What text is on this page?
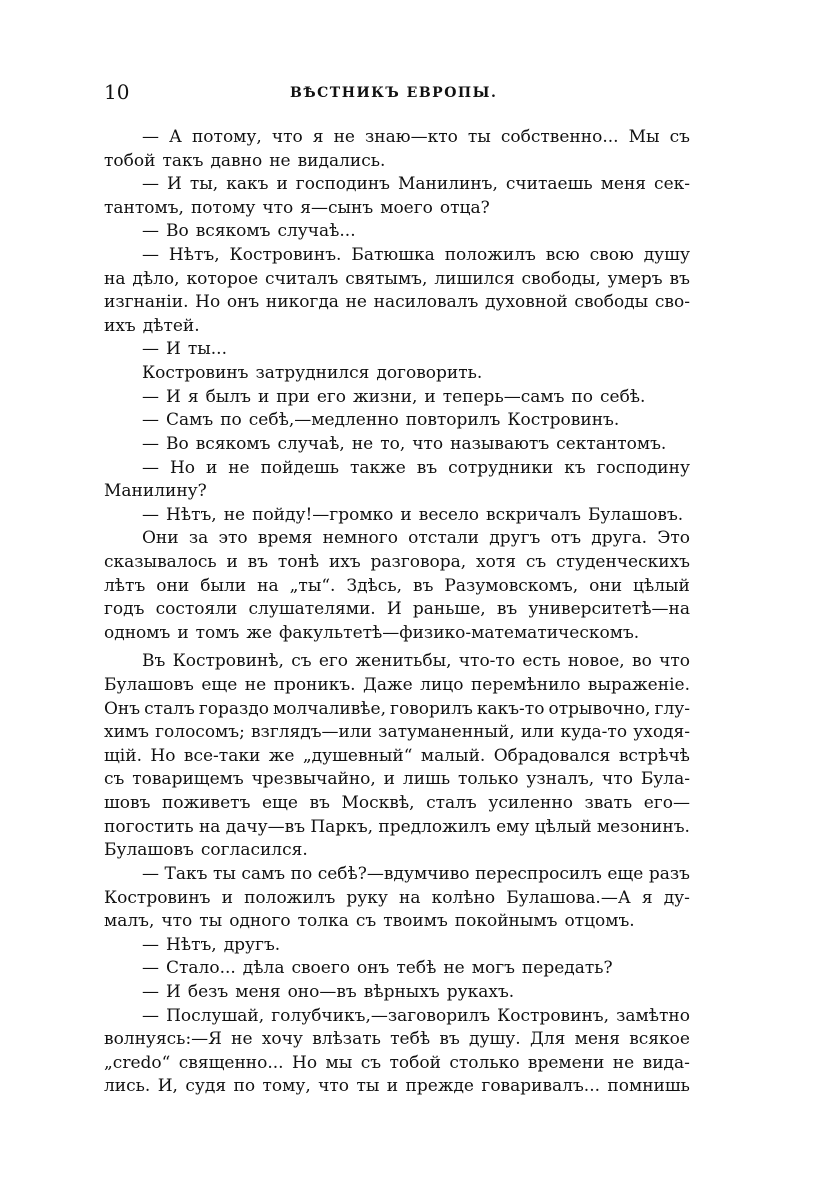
10	ВѢСТНИКЪ ЕВРОПЫ.
— А потому, что я не знаю—кто ты собственно... Мы съ
тобой такъ давно не видались.
— И ты, какъ и господинъ Манилинъ, считаешь меня сек-
тантомъ, потому что я—сынъ моего отца?
— Во всякомъ случаѣ...
— Нѣтъ, Костровинъ. Батюшка положилъ всю свою душу
на дѣло, которое считалъ святымъ, лишился свободы, умеръ въ
изгнаніи. Но онъ никогда не насиловалъ духовной свободы сво-
ихъ дѣтей.
— И ты...
Костровинъ затруднился договорить.
— И я былъ и при его жизни, и теперь—самъ по себѣ.
— Самъ по себѣ,—медленно повторилъ Костровинъ.
— Во всякомъ случаѣ, не то, что называютъ сектантомъ.
— Но и не пойдешь также въ сотрудники къ господину
Манилину?
— Нѣтъ, не пойду!—громко и весело вскричалъ Булашовъ.
Они за это время немного отстали другъ отъ друга. Это
сказывалось и въ тонѣ ихъ разговора, хотя съ студенческихъ
лѣтъ они были на „ты“. Здѣсь, въ Разумовскомъ, они цѣлый
годъ состояли слушателями. И раньше, въ университетѣ—на
одномъ и томъ же факультетѣ—физико-математическомъ.
Въ Костровинѣ, съ его женитьбы, что-то есть новое, во что
Булашовъ еще не проникъ. Даже лицо перемѣнило выраженіе.
Онъ сталъ гораздо молчаливѣе, говорилъ какъ-то отрывочно, глу-
химъ голосомъ; взглядъ—или затуманенный, или куда-то уходя-
щій. Но все-таки же „душевный“ малый. Обрадовался встрѣчѣ
съ товарищемъ чрезвычайно, и лишь только узналъ, что Була-
шовъ поживетъ еще въ Москвѣ, сталъ усиленно звать его—
погостить на дачу—въ Паркъ, предложилъ ему цѣлый мезонинъ.
Булашовъ согласился.
— Такъ ты самъ по себѣ?—вдумчиво переспросилъ еще разъ
Костровинъ и положилъ руку на колѣно Булашова.—А я ду-
малъ, что ты одного толка съ твоимъ покойнымъ отцомъ.
— Нѣтъ, другъ.
— Стало... дѣла своего онъ тебѣ не могъ передать?
— И безъ меня оно—въ вѣрныхъ рукахъ.
— Послушай, голубчикъ,—заговорилъ Костровинъ, замѣтно
волнуясь:—Я не хочу влѣзать тебѣ въ душу. Для меня всякое
„credo“ священно... Но мы съ тобой столько времени не вида-
лись. И, судя по тому, что ты и прежде говаривалъ... помнишь
